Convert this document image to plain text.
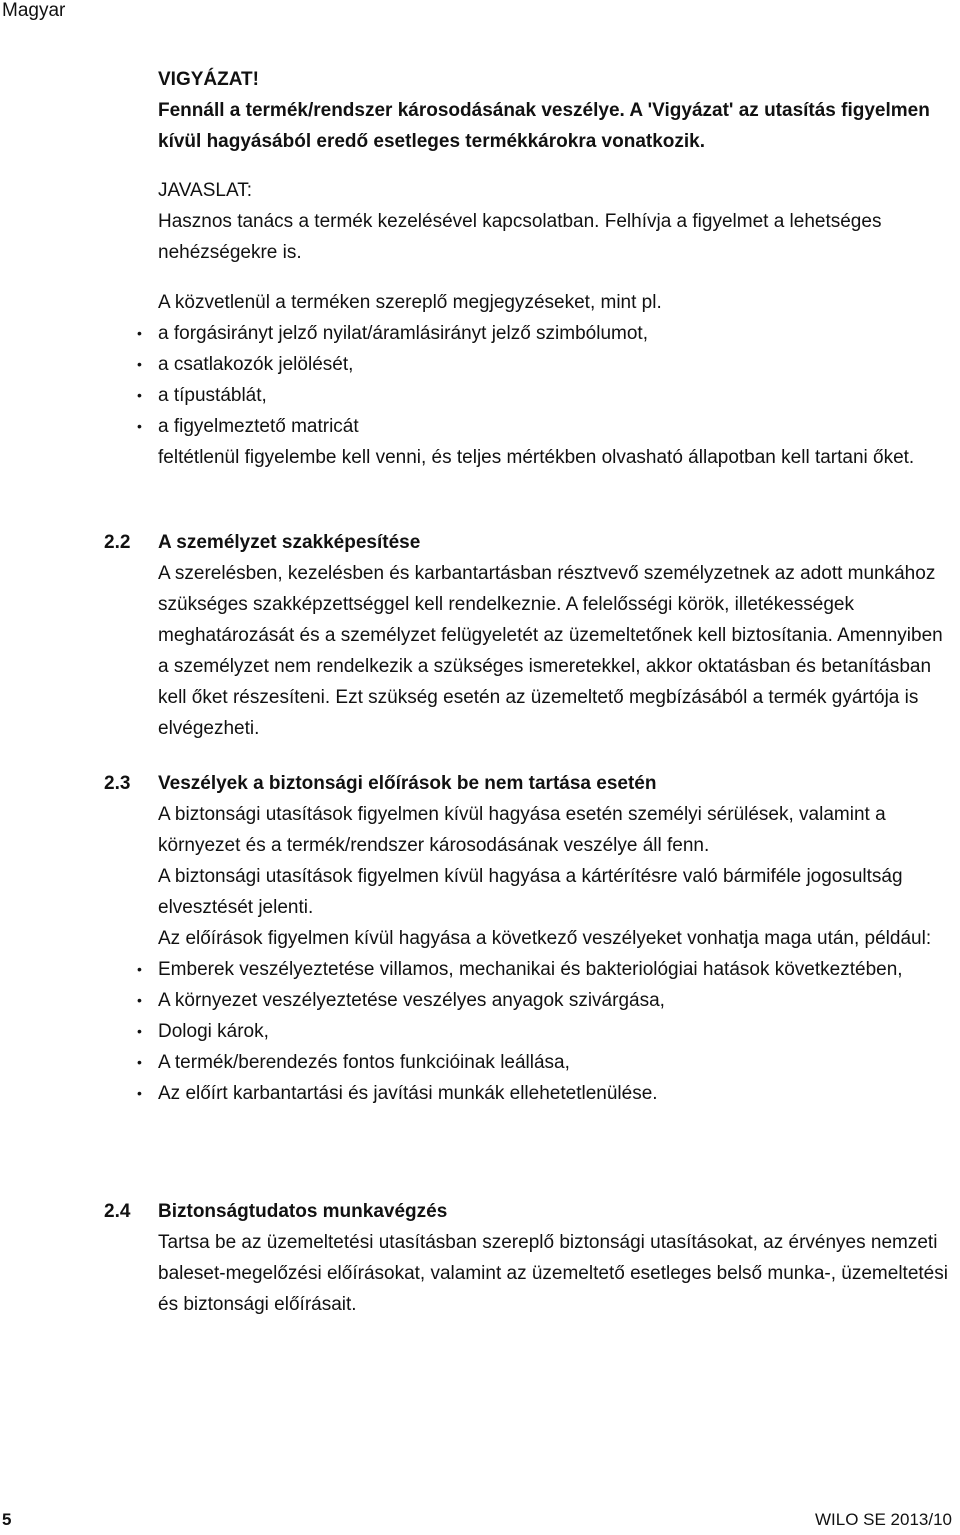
Magyar

VIGYÁZAT!

Fennáll a termék/rendszer károsodásának veszélye. A 'Vigyázat' az utasítás figyelmen kívül hagyásából eredő esetleges termékkárokra vonatkozik.

JAVASLAT:

Hasznos tanács a termék kezelésével kapcsolatban. Felhívja a figyelmet a lehetséges nehézségekre is.

A közvetlenül a terméken szereplő megjegyzéseket, mint pl.

• a forgásirányt jelző nyilat/áramlásirányt jelző szimbólumot,
• a csatlakozók jelölését,
• a típustáblát,
• a figyelmeztető matricát

feltétlenül figyelembe kell venni, és teljes mértékben olvasható állapotban kell tartani őket.

2.2 A személyzet szakképesítése

A szerelésben, kezelésben és karbantartásban résztvevő személyzetnek az adott munkához szükséges szakképzettséggel kell rendelkeznie. A felelősségi körök, illetékességek meghatározását és a személyzet felügyeletét az üzemeltetőnek kell biztosítania. Amennyiben a személyzet nem rendelkezik a szükséges ismeretekkel, akkor oktatásban és betanításban kell őket részesíteni. Ezt szükség esetén az üzemeltető megbízásából a termék gyártója is elvégezheti.

2.3 Veszélyek a biztonsági előírások be nem tartása esetén

A biztonsági utasítások figyelmen kívül hagyása esetén személyi sérülések, valamint a környezet és a termék/rendszer károsodásának veszélye áll fenn.

A biztonsági utasítások figyelmen kívül hagyása a kártérítésre való bármiféle jogosultság elvesztését jelenti.

Az előírások figyelmen kívül hagyása a következő veszélyeket vonhatja maga után, például:

• Emberek veszélyeztetése villamos, mechanikai és bakteriológiai hatások következtében,
• A környezet veszélyeztetése veszélyes anyagok szivárgása,
• Dologi károk,
• A termék/berendezés fontos funkcióinak leállása,
• Az előírt karbantartási és javítási munkák ellehetetlenülése.
2.4 Biztonságtudatos munkavégzés

Tartsa be az üzemeltetési utasításban szereplő biztonsági utasításokat, az érvényes nemzeti baleset-megelőzési előírásokat, valamint az üzemeltető esetleges belső munka-, üzemeltetési és biztonsági előírásait.

5	WILO SE 2013/10
